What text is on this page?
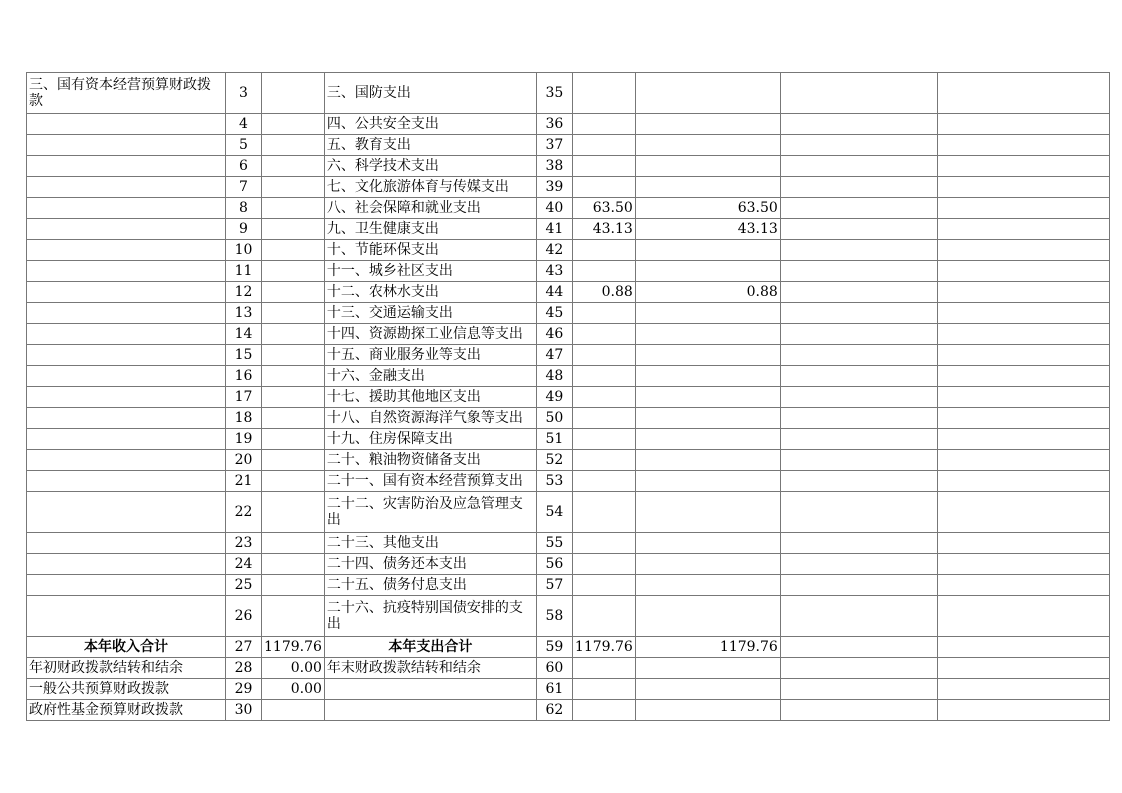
三、国有资本经营预算财政拨款	3		三、国防支出	35				
	4		四、公共安全支出	36				
	5		五、教育支出	37				
	6		六、科学技术支出	38				
	7		七、文化旅游体育与传媒支出	39				
	8		八、社会保障和就业支出	40	63.50	63.50		
	9		九、卫生健康支出	41	43.13	43.13		
	10		十、节能环保支出	42				
	11		十一、城乡社区支出	43				
	12		十二、农林水支出	44	0.88	0.88		
	13		十三、交通运输支出	45				
	14		十四、资源勘探工业信息等支出	46				
	15		十五、商业服务业等支出	47				
	16		十六、金融支出	48				
	17		十七、援助其他地区支出	49				
	18		十八、自然资源海洋气象等支出	50				
	19		十九、住房保障支出	51				
	20		二十、粮油物资储备支出	52				
	21		二十一、国有资本经营预算支出	53				
	22		二十二、灾害防治及应急管理支出	54				
	23		二十三、其他支出	55				
	24		二十四、债务还本支出	56				
	25		二十五、债务付息支出	57				
	26		二十六、抗疫特别国债安排的支出	58				
本年收入合计	27	1179.76	本年支出合计	59	1179.76	1179.76		
年初财政拨款结转和结余	28	0.00	年末财政拨款结转和结余	60				
一般公共预算财政拨款	29	0.00		61				
政府性基金预算财政拨款	30			62				
